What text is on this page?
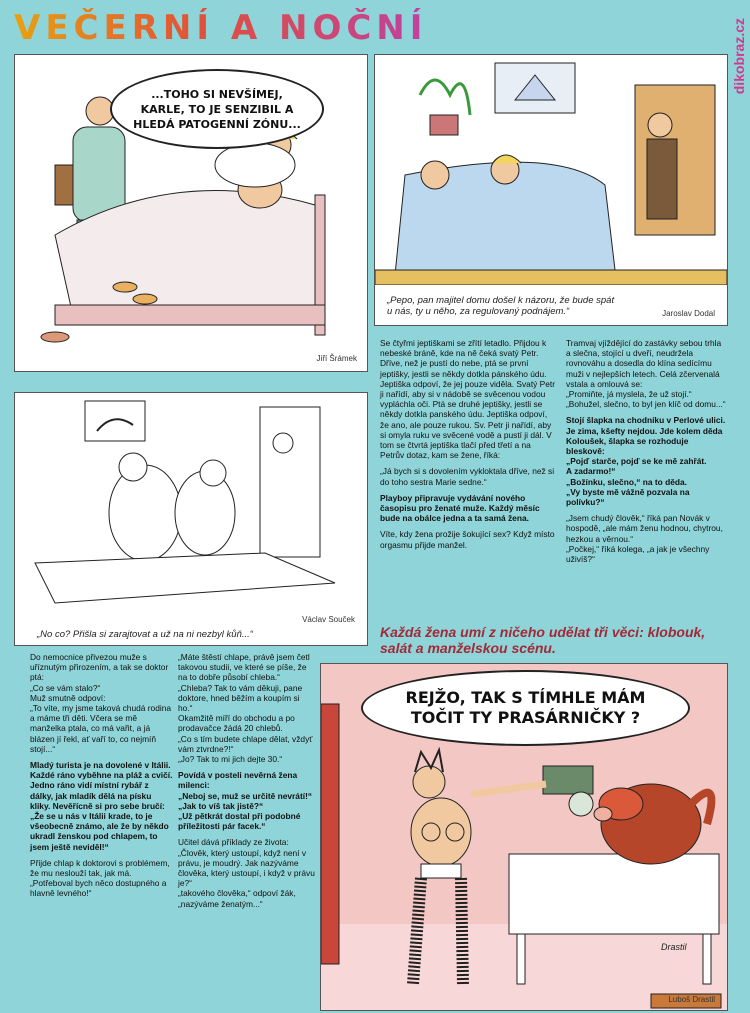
VEČERNÍ A NOČNÍ	dikobraz.cz
...TOHO SI NEVŠÍMEJ, KARLE, TO JE SENZIBIL A HLEDÁ PATOGENNÍ ZÓNU...
Jiří Šrámek
„Pepo, pan majitel domu došel k názoru, že bude spát u nás, ty u něho, za regulovaný podnájem.“	Jaroslav Dodal
Václav Souček
„No co? Přišla si zarajtovat a už na ni nezbyl kůň...“

Se čtyřmi jeptiškami se zřítí letadlo. Přijdou k nebeské bráně, kde na ně čeká svatý Petr. Dříve, než je pustí do nebe, ptá se první jeptišky, jestli se někdy dotkla pánského údu. Jeptiška odpoví, že jej pouze viděla. Svatý Petr ji nařídí, aby si v nádobě se svěcenou vodou vypláchla oči. Ptá se druhé jeptišky, jestli se někdy dotkla panského údu. Jeptiška odpoví, že ano, ale pouze rukou. Sv. Petr ji nařídí, aby si omyla ruku ve svěcené vodě a pustí ji dál. V tom se čtvrtá jeptiška tlačí před třetí a na Petrův dotaz, kam se žene, říká:

„Já bych si s dovolením vykloktala dříve, než si do toho sestra Marie sedne.“

Playboy připravuje vydávání nového časopisu pro ženaté muže. Každý měsíc bude na obálce jedna a ta samá žena.

Víte, kdy žena prožije šokující sex? Když místo orgasmu přijde manžel.

Tramvaj vjíždějící do zastávky sebou trhla a slečna, stojící u dveří, neudržela rovnováhu a dosedla do klína sedícímu muži v nejlepších letech. Celá zčervenalá vstala a omlouvá se:

„Promiňte, já myslela, že už stojí.“

„Bohužel, slečno, to byl jen klíč od domu...“

Stojí šlapka na chodníku v Perlové ulici. Je zima, kšefty nejdou. Jde kolem děda Koloušek, šlapka se rozhoduje bleskově:

„Pojď starče, pojď se ke mě zahřát.

A zadarmo!“

„Božínku, slečno,“ na to děda.

„Vy byste mě vážně pozvala na polívku?“

„Jsem chudý člověk,“ říká pan Novák v hospodě, „ale mám ženu hodnou, chytrou, hezkou a věrnou.“

„Počkej,“ říká kolega, „a jak je všechny uživíš?“

Každá žena umí z ničeho udělat tři věci: klobouk, salát a manželskou scénu.

Do nemocnice přivezou muže s uříznutým přirozením, a tak se doktor ptá:

„Co se vám stalo?“

Muž smutně odpoví:

„To víte, my jsme taková chudá rodina a máme tři děti. Včera se mě manželka ptala, co má vařit, a já blázen jí řekl, ať vaří to, co nejmíň stojí...“

Mladý turista je na dovolené v Itálii. Každé ráno vyběhne na pláž a cvičí. Jedno ráno vidí místní rybář z dálky, jak mladík dělá na písku kliky. Nevěřícně si pro sebe bručí:

„Že se u nás v Itálii krade, to je všeobecně známo, ale že by někdo ukradl ženskou pod chlapem, to jsem ještě neviděl!“

Přijde chlap k doktorovi s problémem, že mu neslouží tak, jak má.

„Potřeboval bych něco dostupného a hlavně levného!“

„Máte štěstí chlape, právě jsem četl takovou studii, ve které se píše, že na to dobře působí chleba.“

„Chleba? Tak to vám děkuji, pane doktore, hned běžím a koupím si ho.“

Okamžitě míří do obchodu a po prodavačce žádá 20 chlebů.

„Co s tím budete chlape dělat, vždyť vám ztvrdne?!“

„Jo? Tak to mi jich dejte 30.“

Povídá v posteli nevěrná žena milenci:

„Neboj se, muž se určitě nevrátí!“

„Jak to víš tak jistě?“

„Už pětkrát dostal při podobné příležitosti pár facek.“

Učitel dává příklady ze života:

„Člověk, který ustoupí, když není v právu, je moudrý. Jak nazýváme člověka, který ustoupí, i když v právu je?“

„takového člověka,“ odpoví žák, „nazýváme ženatým...“

REJŽO, TAK S TÍMHLE MÁM TOČIT TY PRASÁRNIČKY ?
Drastil
Luboš Drastil
